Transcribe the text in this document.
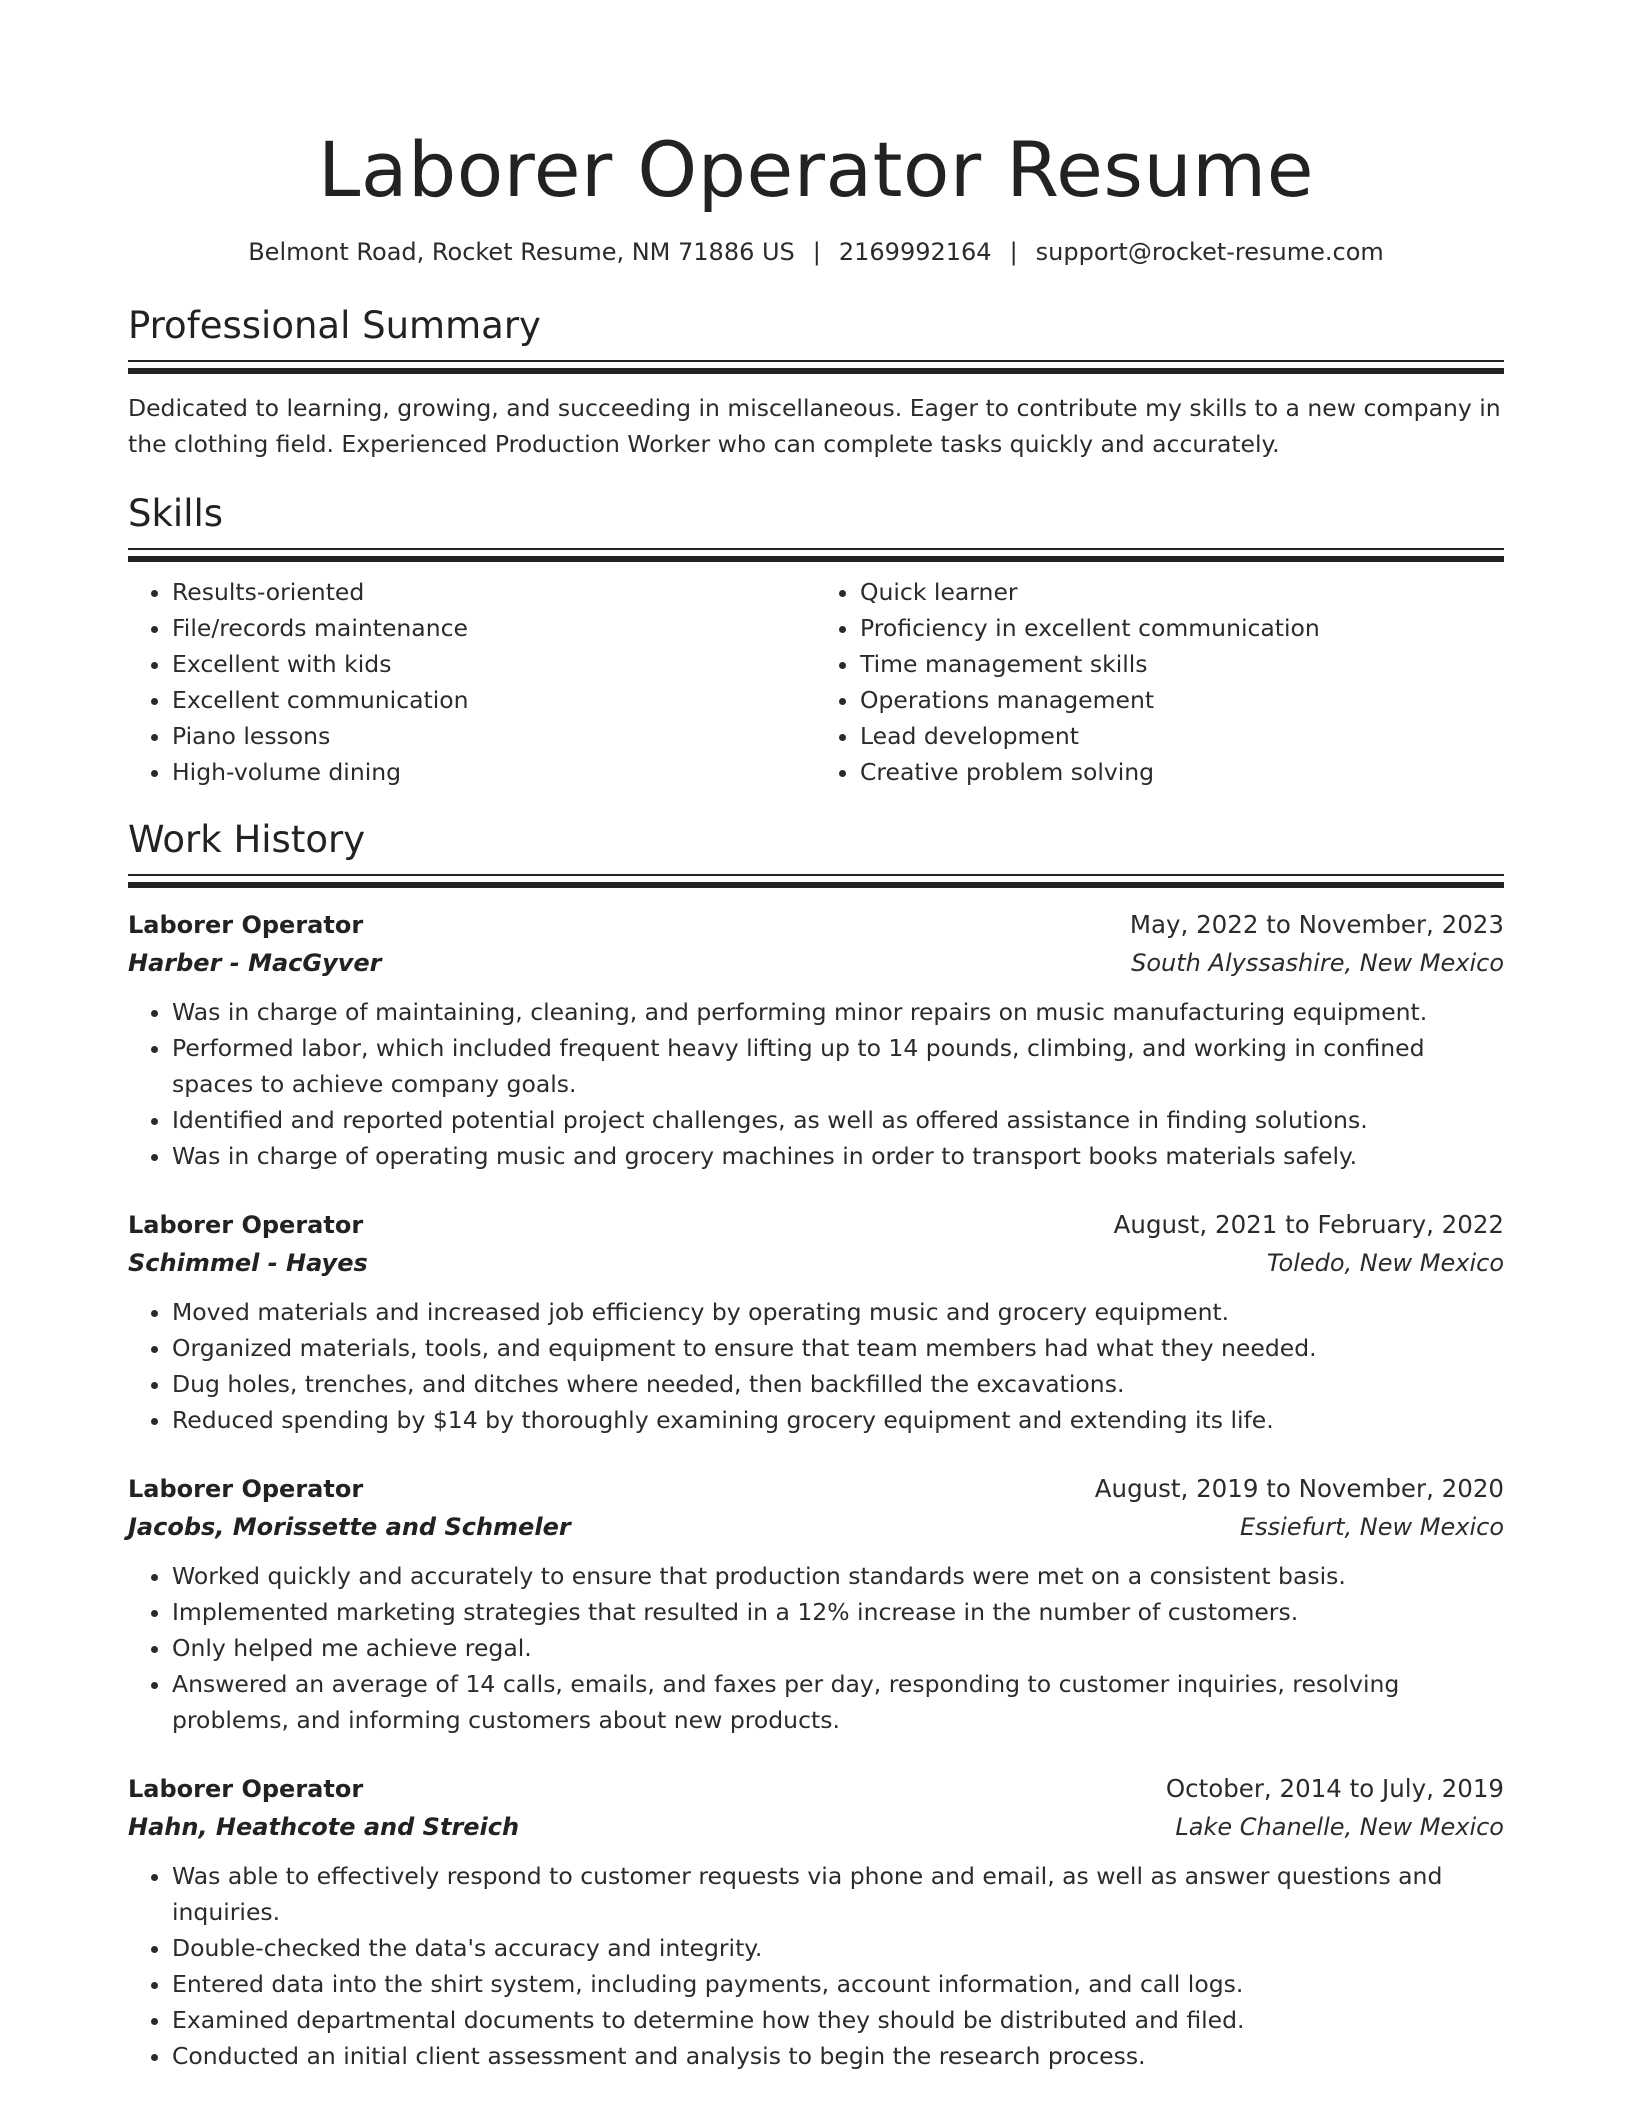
Laborer Operator Resume
Belmont Road, Rocket Resume, NM 71886 US | 2169992164 | support@rocket-resume.com
Professional Summary

Dedicated to learning, growing, and succeeding in miscellaneous. Eager to contribute my skills to a new company in the clothing field. Experienced Production Worker who can complete tasks quickly and accurately.

Skills
• Results-oriented
• File/records maintenance
• Excellent with kids
• Excellent communication
• Piano lessons
• High-volume dining
• Quick learner
• Proficiency in excellent communication
• Time management skills
• Operations management
• Lead development
• Creative problem solving
Work History
Laborer Operator	May, 2022 to November, 2023
Harber - MacGyver	South Alyssashire, New Mexico
• Was in charge of maintaining, cleaning, and performing minor repairs on music manufacturing equipment.
• Performed labor, which included frequent heavy lifting up to 14 pounds, climbing, and working in confined spaces to achieve company goals.
• Identified and reported potential project challenges, as well as offered assistance in finding solutions.
• Was in charge of operating music and grocery machines in order to transport books materials safely.
Laborer Operator	August, 2021 to February, 2022
Schimmel - Hayes	Toledo, New Mexico
• Moved materials and increased job efficiency by operating music and grocery equipment.
• Organized materials, tools, and equipment to ensure that team members had what they needed.
• Dug holes, trenches, and ditches where needed, then backfilled the excavations.
• Reduced spending by $14 by thoroughly examining grocery equipment and extending its life.
Laborer Operator	August, 2019 to November, 2020
Jacobs, Morissette and Schmeler	Essiefurt, New Mexico
• Worked quickly and accurately to ensure that production standards were met on a consistent basis.
• Implemented marketing strategies that resulted in a 12% increase in the number of customers.
• Only helped me achieve regal.
• Answered an average of 14 calls, emails, and faxes per day, responding to customer inquiries, resolving problems, and informing customers about new products.
Laborer Operator	October, 2014 to July, 2019
Hahn, Heathcote and Streich	Lake Chanelle, New Mexico
• Was able to effectively respond to customer requests via phone and email, as well as answer questions and inquiries.
• Double-checked the data's accuracy and integrity.
• Entered data into the shirt system, including payments, account information, and call logs.
• Examined departmental documents to determine how they should be distributed and filed.
• Conducted an initial client assessment and analysis to begin the research process.
